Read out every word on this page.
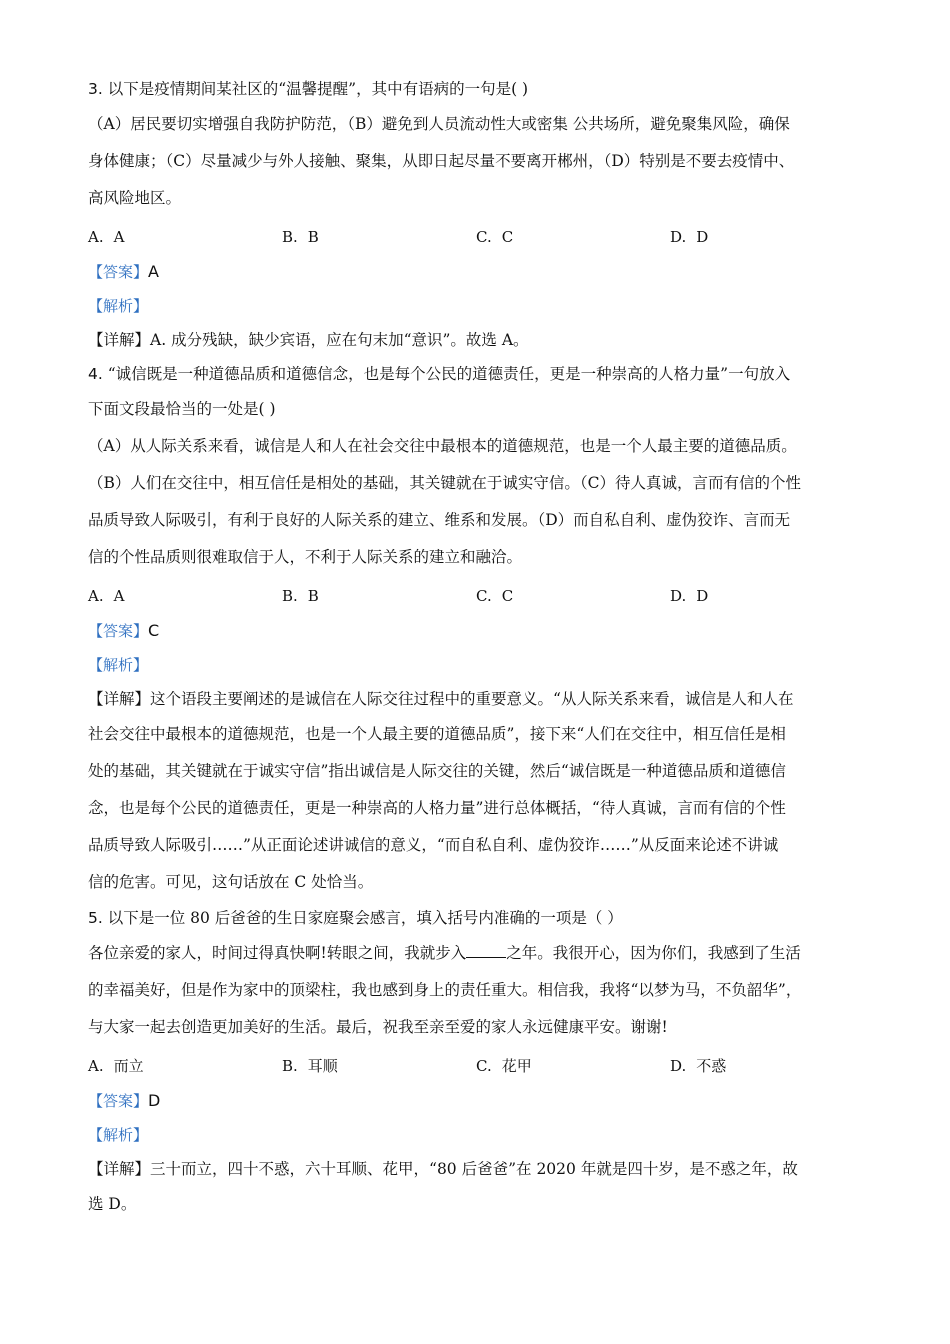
3. 以下是疫情期间某社区的“温馨提醒”，其中有语病的一句是( )

（A）居民要切实增强自我防护防范，（B）避免到人员流动性大或密集 公共场所，避免聚集风险，确保

身体健康；（C）尽量减少与外人接触、聚集，从即日起尽量不要离开郴州，（D）特别是不要去疫情中、

高风险地区。

A. A	B. B	C. C	D. D
【答案】A
【解析】
【详解】A. 成分残缺，缺少宾语，应在句末加“意识”。故选 A。
4. “诚信既是一种道德品质和道德信念，也是每个公民的道德责任，更是一种崇高的人格力量”一句放入

下面文段最恰当的一处是( )

（A）从人际关系来看，诚信是人和人在社会交往中最根本的道德规范，也是一个人最主要的道德品质。

（B）人们在交往中，相互信任是相处的基础，其关键就在于诚实守信。（C）待人真诚，言而有信的个性

品质导致人际吸引，有利于良好的人际关系的建立、维系和发展。（D）而自私自利、虚伪狡诈、言而无

信的个性品质则很难取信于人，不利于人际关系的建立和融洽。

A. A	B. B	C. C	D. D
【答案】C
【解析】
【详解】这个语段主要阐述的是诚信在人际交往过程中的重要意义。“从人际关系来看，诚信是人和人在

社会交往中最根本的道德规范，也是一个人最主要的道德品质”，接下来“人们在交往中，相互信任是相

处的基础，其关键就在于诚实守信”指出诚信是人际交往的关键，然后“诚信既是一种道德品质和道德信

念，也是每个公民的道德责任，更是一种崇高的人格力量”进行总体概括，“待人真诚，言而有信的个性

品质导致人际吸引……”从正面论述讲诚信的意义，“而自私自利、虚伪狡诈……”从反面来论述不讲诚

信的危害。可见，这句话放在 C 处恰当。

5. 以下是一位 80 后爸爸的生日家庭聚会感言，填入括号内准确的一项是（ ）

各位亲爱的家人，时间过得真快啊!转眼之间，我就步入	之年。我很开心，因为你们，我感到了生活

的幸福美好，但是作为家中的顶梁柱，我也感到身上的责任重大。相信我，我将“以梦为马，不负韶华”，

与大家一起去创造更加美好的生活。最后，祝我至亲至爱的家人永远健康平安。谢谢!

A. 而立	B. 耳顺	C. 花甲	D. 不惑
【答案】D
【解析】
【详解】三十而立，四十不惑，六十耳顺、花甲，“80 后爸爸”在 2020 年就是四十岁，是不惑之年，故

选 D。
